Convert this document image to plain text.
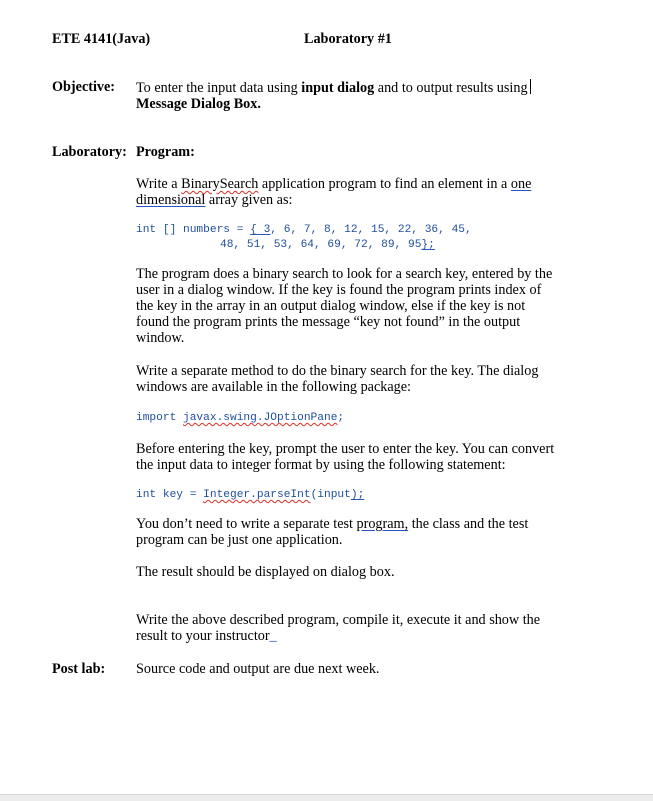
ETE 4141(Java)	Laboratory #1
Objective: To enter the input data using input dialog and to output results using
Message Dialog Box.
Laboratory: Program:
Write a BinarySearch application program to find an element in a one
dimensional array given as:
int [] numbers = { 3, 6, 7, 8, 12, 15, 22, 36, 45,
48, 51, 53, 64, 69, 72, 89, 95};
The program does a binary search to look for a search key, entered by the user in a dialog window. If the key is found the program prints index of the key in the array in an output dialog window, else if the key is not found the program prints the message “key not found” in the output window.
Write a separate method to do the binary search for the key. The dialog windows are available in the following package:
import javax.swing.JOptionPane;
Before entering the key, prompt the user to enter the key. You can convert the input data to integer format by using the following statement:
int key = Integer.parseInt(input);
You don’t need to write a separate test program, the class and the test program can be just one application.
The result should be displayed on dialog box.
Write the above described program, compile it, execute it and show the result to your instructor_
Post lab: Source code and output are due next week.
